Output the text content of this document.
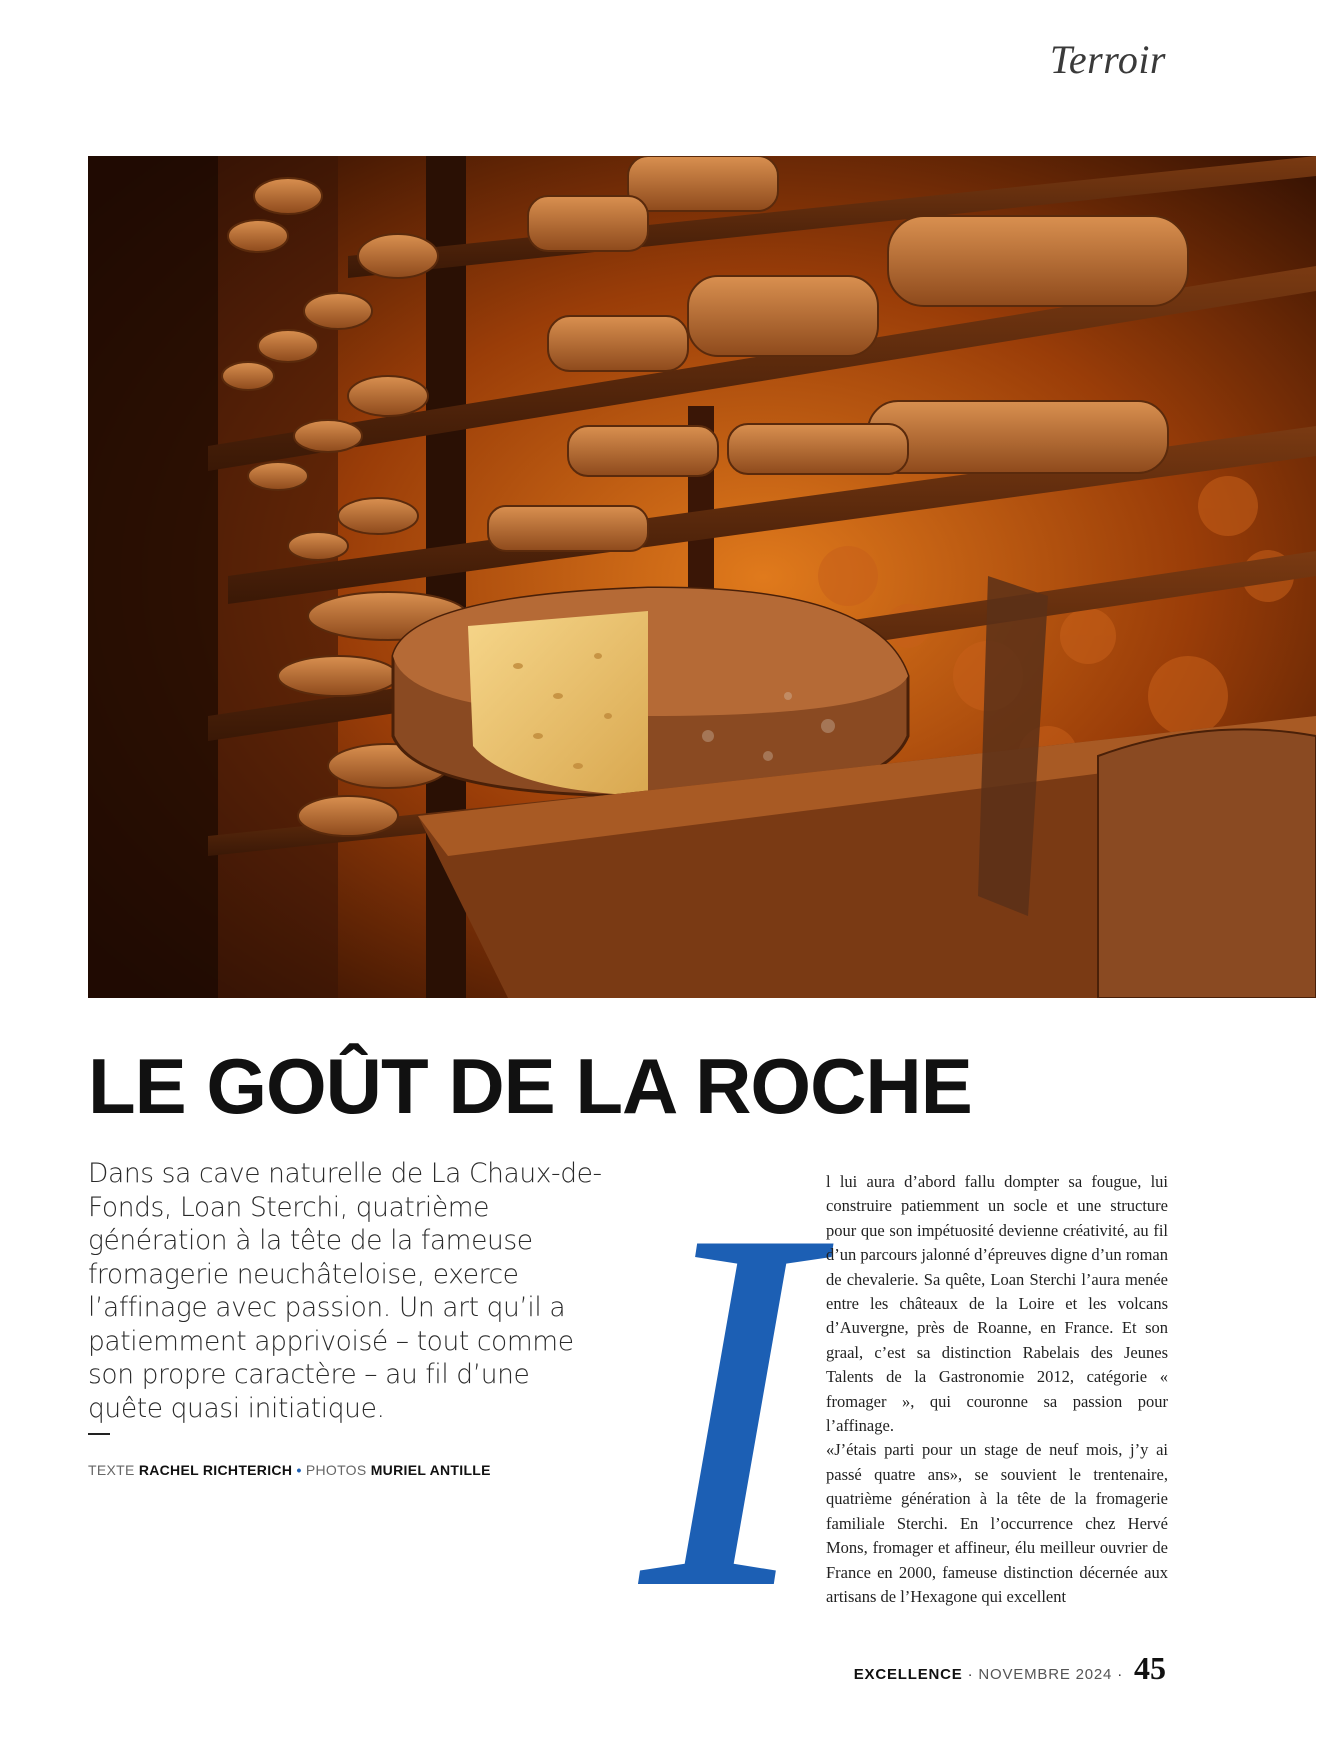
Terroir
LE GOÛT DE LA ROCHE

Dans sa cave naturelle de La Chaux-de-Fonds, Loan Sterchi, quatrième génération à la tête de la fameuse fromagerie neuchâteloise, exerce l’affinage avec passion. Un art qu’il a patiemment apprivoisé – tout comme son propre caractère – au fil d’une quête quasi initiatique.

TEXTE RACHEL RICHTERICH • PHOTOS MURIEL ANTILLE I l lui aura d’abord fallu dompter sa fougue, lui construire patiemment un socle et une structure pour que son impétuosité devienne créativité, au fil d’un parcours jalonné d’épreuves digne d’un roman de chevalerie. Sa quête, Loan Sterchi l’aura menée entre les châteaux de la Loire et les volcans d’Auvergne, près de Roanne, en France. Et son graal, c’est sa distinction Rabelais des Jeunes Talents de la Gastronomie 2012, catégorie « fromager », qui couronne sa passion pour l’affinage.

«J’étais parti pour un stage de neuf mois, j’y ai passé quatre ans», se souvient le trentenaire, quatrième génération à la tête de la fromagerie familiale Sterchi. En l’occurrence chez Hervé Mons, fromager et affineur, élu meilleur ouvrier de France en 2000, fameuse distinction décernée aux artisans de l’Hexagone qui excellent

EXCELLENCE · NOVEMBRE 2024 · 45
